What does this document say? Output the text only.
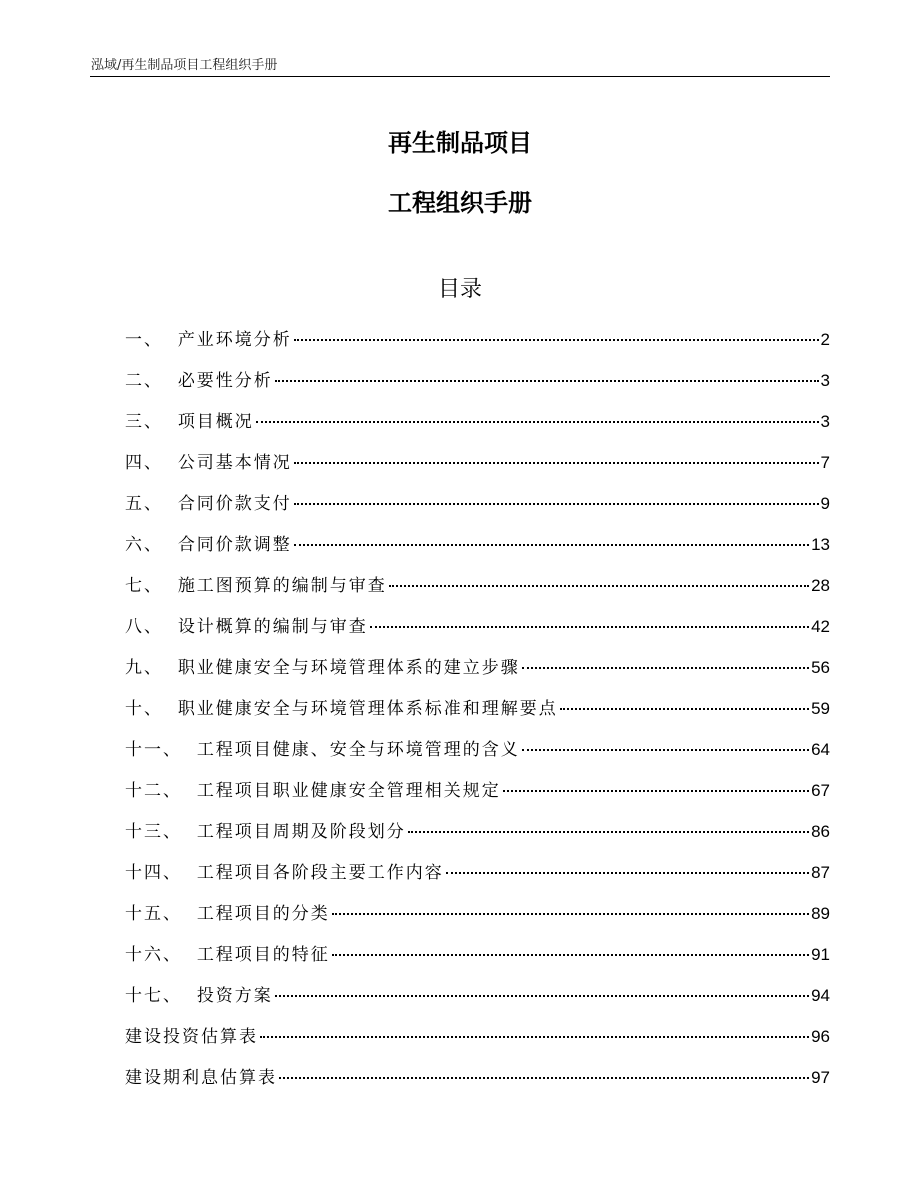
泓域/再生制品项目工程组织手册
再生制品项目
工程组织手册
目录
一、 产业环境分析	2
二、 必要性分析	3
三、 项目概况	3
四、 公司基本情况	7
五、 合同价款支付	9
六、 合同价款调整	13
七、 施工图预算的编制与审查	28
八、 设计概算的编制与审查	42
九、 职业健康安全与环境管理体系的建立步骤	56
十、 职业健康安全与环境管理体系标准和理解要点	59
十一、 工程项目健康、安全与环境管理的含义	64
十二、 工程项目职业健康安全管理相关规定	67
十三、 工程项目周期及阶段划分	86
十四、 工程项目各阶段主要工作内容	87
十五、 工程项目的分类	89
十六、 工程项目的特征	91
十七、 投资方案	94
建设投资估算表	96
建设期利息估算表	97
